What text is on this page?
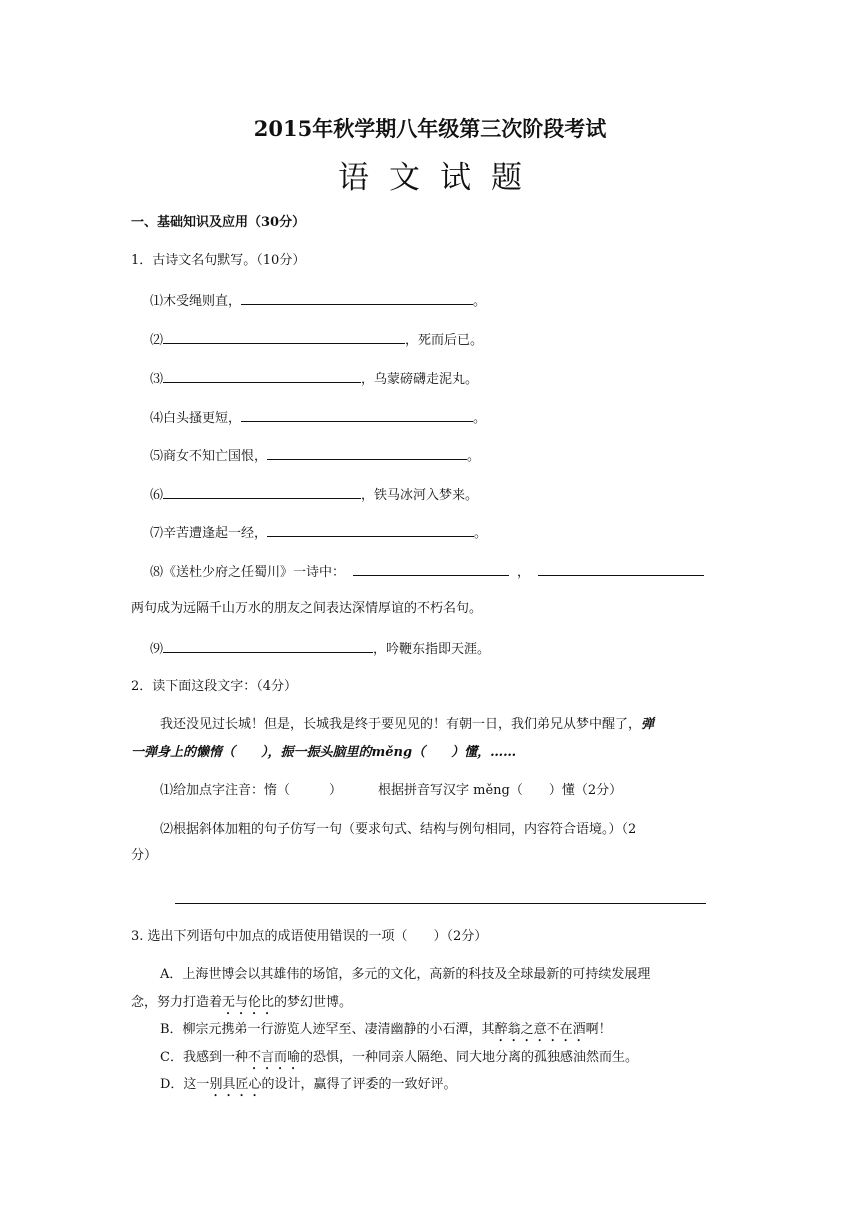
2015年秋学期八年级第三次阶段考试
语文试题
一、基础知识及应用（30分）
1．古诗文名句默写。（10分）
⑴木受绳则直，	。
⑵	，死而后已。
⑶	，乌蒙磅礴走泥丸。
⑷白头搔更短，	。
⑸商女不知亡国恨，	。
⑹	，铁马冰河入梦来。
⑺辛苦遭逢起一经，	。
⑻《送杜少府之任蜀川》一诗中：	，
两句成为远隔千山万水的朋友之间表达深情厚谊的不朽名句。
⑼	，吟鞭东指即天涯。
2．读下面这段文字：（4分）
我还没见过长城！但是，长城我是终于要见见的！有朝一日，我们弟兄从梦中醒了，弹
一弹身上的懒惰（　　），振一振头脑里的měng（　　）懂，……
⑴给加点字注音：惰（　　　）	根据拼音写汉字 měng（　　）懂（2分）
⑵根据斜体加粗的句子仿写一句（要求句式、结构与例句相同，内容符合语境。）（2
分）
3. 选出下列语句中加点的成语使用错误的一项（　　）（2分）
A．上海世博会以其雄伟的场馆，多元的文化，高新的科技及全球最新的可持续发展理
念，努力打造着无与伦比的梦幻世博。
B．柳宗元携弟一行游览人迹罕至、凄清幽静的小石潭，其醉翁之意不在酒啊！
C．我感到一种不言而喻的恐惧，一种同亲人隔绝、同大地分离的孤独感油然而生。
D．这一别具匠心的设计，赢得了评委的一致好评。
